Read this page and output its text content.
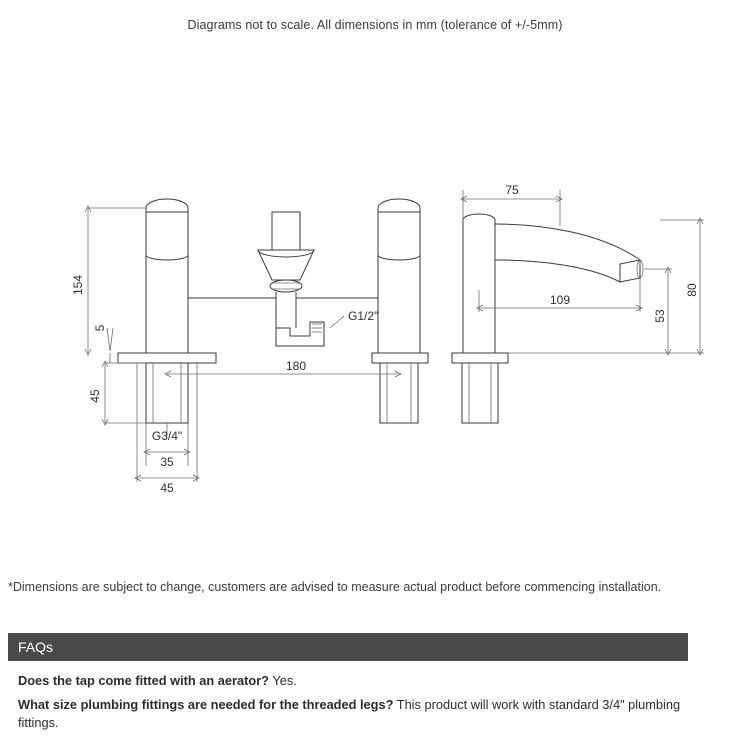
Diagrams not to scale. All dimensions in mm (tolerance of +/-5mm)
154
5
45
G3/4"
35
45
180
G1/2"
75
109
80
53
*Dimensions are subject to change, customers are advised to measure actual product before commencing installation.
FAQs
Does the tap come fitted with an aerator? Yes.
What size plumbing fittings are needed for the threaded legs? This product will work with standard 3/4" plumbing fittings.
